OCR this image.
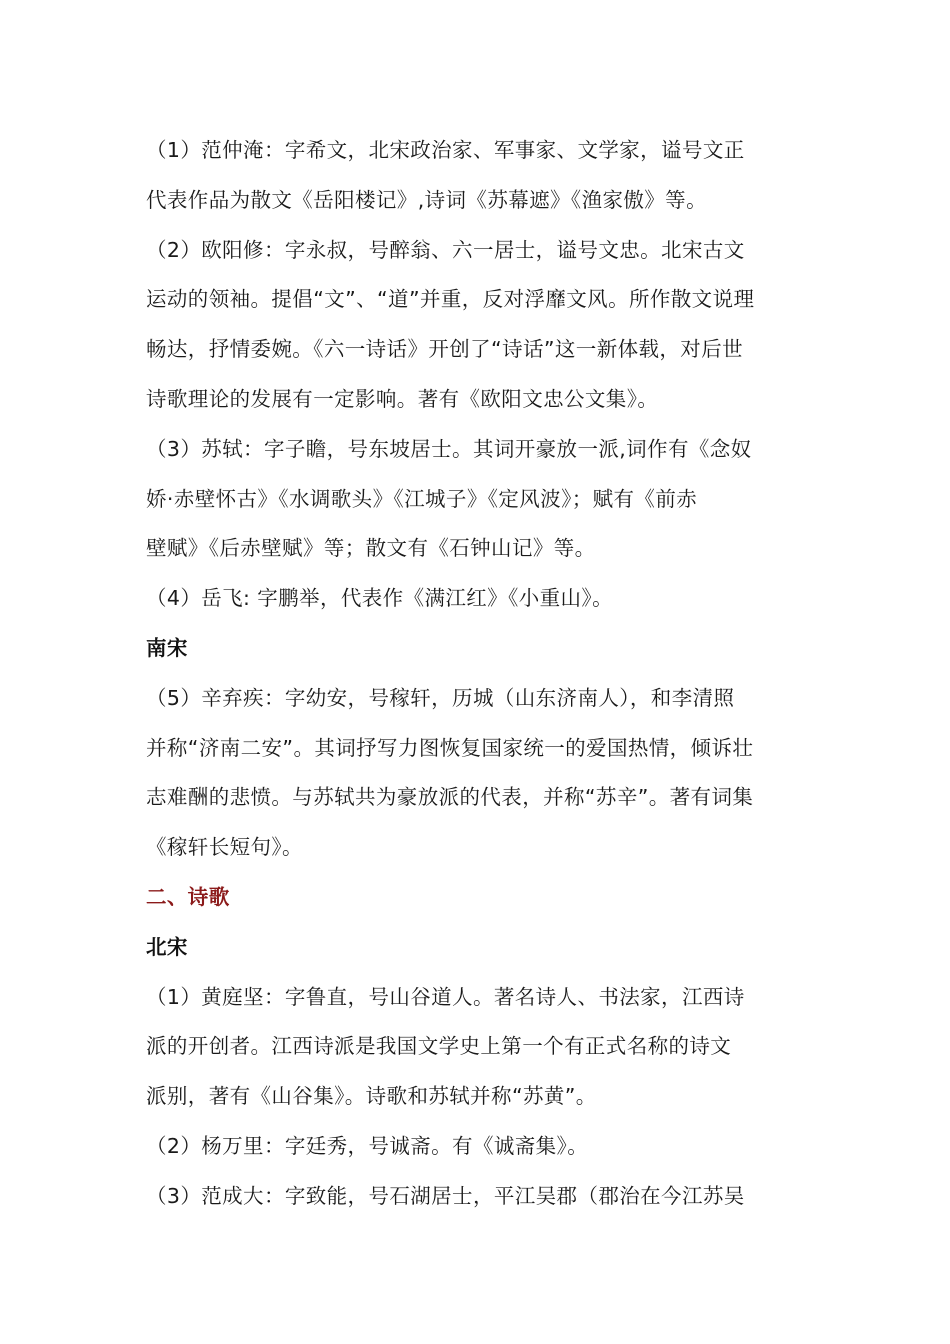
（1）范仲淹：字希文，北宋政治家、军事家、文学家，谥号文正
代表作品为散文《岳阳楼记》,诗词《苏幕遮》《渔家傲》等。
（2）欧阳修：字永叔，号醉翁、六一居士，谥号文忠。北宋古文
运动的领袖。提倡“文”、“道”并重，反对浮靡文风。所作散文说理
畅达，抒情委婉。《六一诗话》开创了“诗话”这一新体载，对后世
诗歌理论的发展有一定影响。著有《欧阳文忠公文集》。
（3）苏轼：字子瞻，号东坡居士。其词开豪放一派,词作有《念奴
娇·赤壁怀古》《水调歌头》《江城子》《定风波》；赋有《前赤
壁赋》《后赤壁赋》等；散文有《石钟山记》等。
（4）岳飞: 字鹏举，代表作《满江红》《小重山》。
南宋
（5）辛弃疾：字幼安，号稼轩，历城（山东济南人），和李清照
并称“济南二安”。其词抒写力图恢复国家统一的爱国热情，倾诉壮
志难酬的悲愤。与苏轼共为豪放派的代表，并称“苏辛”。著有词集
《稼轩长短句》。
二、诗歌
北宋
（1）黄庭坚：字鲁直，号山谷道人。著名诗人、书法家，江西诗
派的开创者。江西诗派是我国文学史上第一个有正式名称的诗文
派别，著有《山谷集》。诗歌和苏轼并称“苏黄”。
（2）杨万里：字廷秀，号诚斋。有《诚斋集》。
（3）范成大：字致能，号石湖居士，平江吴郡（郡治在今江苏吴
